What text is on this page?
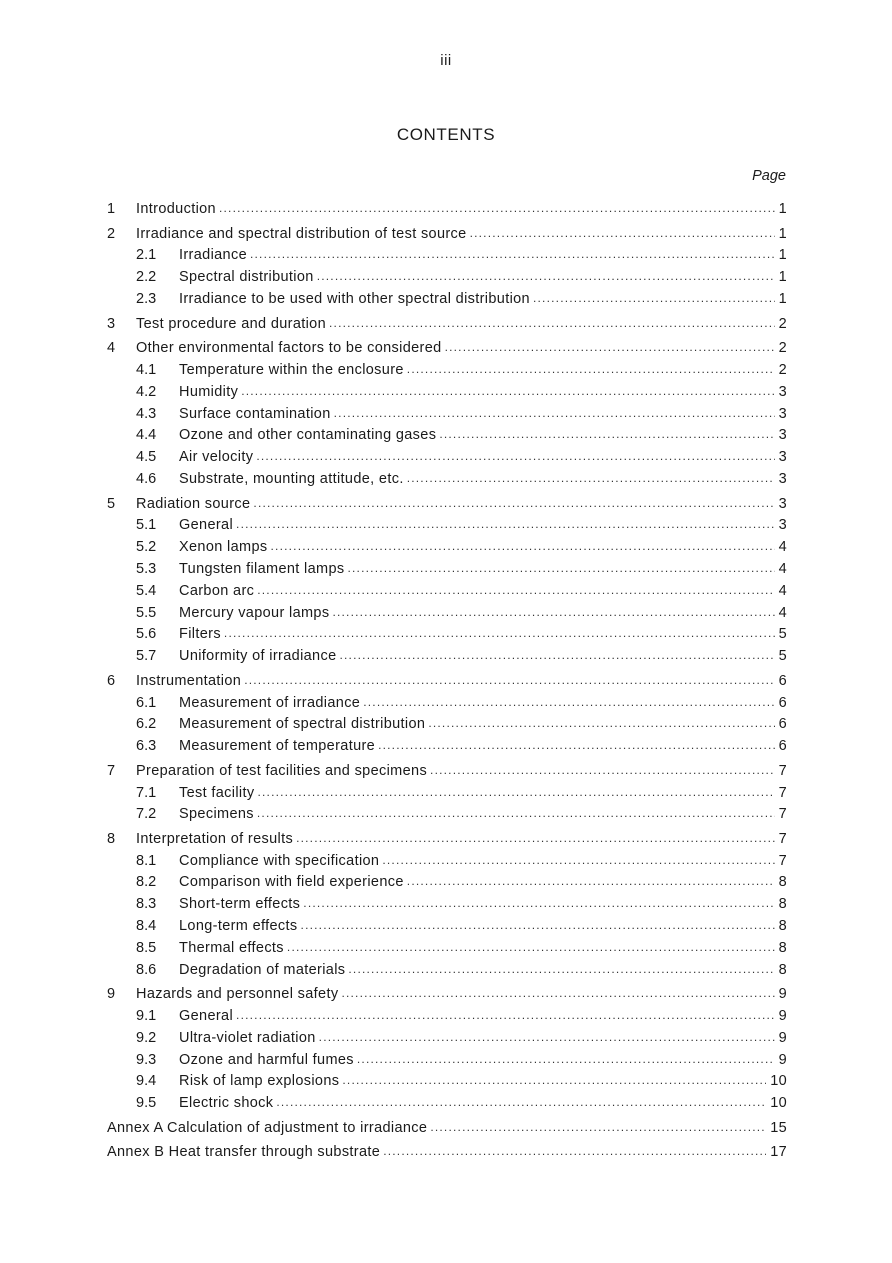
iii
CONTENTS
Page
1	Introduction .....	1
2	Irradiance and spectral distribution of test source .....	1
2.1	Irradiance .....	1
2.2	Spectral distribution .....	1
2.3	Irradiance to be used with other spectral distribution .....	1
3	Test procedure and duration .....	2
4	Other environmental factors to be considered .....	2
4.1	Temperature within the enclosure .....	2
4.2	Humidity .....	3
4.3	Surface contamination .....	3
4.4	Ozone and other contaminating gases .....	3
4.5	Air velocity .....	3
4.6	Substrate, mounting attitude, etc. .....	3
5	Radiation source .....	3
5.1	General .....	3
5.2	Xenon lamps .....	4
5.3	Tungsten filament lamps .....	4
5.4	Carbon arc .....	4
5.5	Mercury vapour lamps .....	4
5.6	Filters .....	5
5.7	Uniformity of irradiance .....	5
6	Instrumentation .....	6
6.1	Measurement of irradiance .....	6
6.2	Measurement of spectral distribution .....	6
6.3	Measurement of temperature .....	6
7	Preparation of test facilities and specimens .....	7
7.1	Test facility .....	7
7.2	Specimens .....	7
8	Interpretation of results .....	7
8.1	Compliance with specification .....	7
8.2	Comparison with field experience .....	8
8.3	Short-term effects .....	8
8.4	Long-term effects .....	8
8.5	Thermal effects .....	8
8.6	Degradation of materials .....	8
9	Hazards and personnel safety .....	9
9.1	General .....	9
9.2	Ultra-violet radiation .....	9
9.3	Ozone and harmful fumes .....	9
9.4	Risk of lamp explosions .....	10
9.5	Electric shock .....	10
Annex A Calculation of adjustment to irradiance .....	15
Annex B Heat transfer through substrate .....	17
